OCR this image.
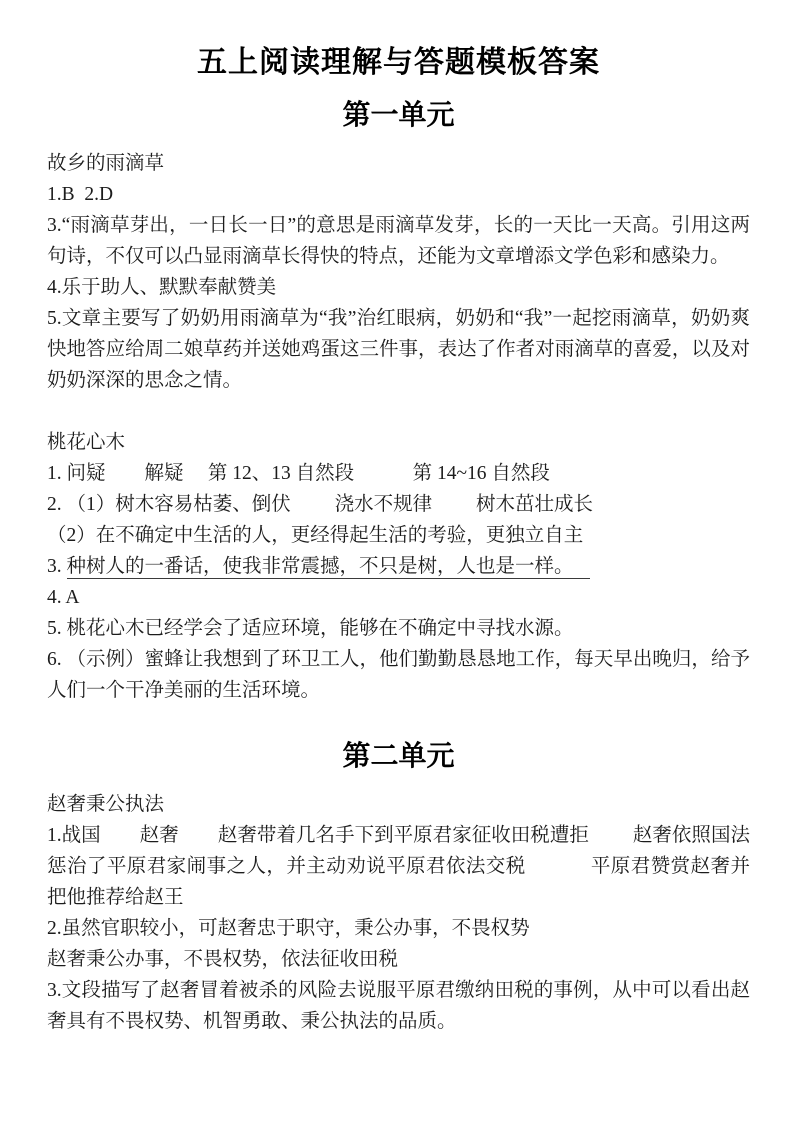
五上阅读理解与答题模板答案
第一单元

故乡的雨滴草

1.B  2.D

3.“雨滴草芽出，一日长一日”的意思是雨滴草发芽，长的一天比一天高。引用这两句诗，不仅可以凸显雨滴草长得快的特点，还能为文章增添文学色彩和感染力。

4.乐于助人、默默奉献赞美

5.文章主要写了奶奶用雨滴草为“我”治红眼病，奶奶和“我”一起挖雨滴草，奶奶爽快地答应给周二娘草药并送她鸡蛋这三件事，表达了作者对雨滴草的喜爱，以及对奶奶深深的思念之情。

桃花心木

1. 问疑　　解疑　 第 12、13 自然段　　　第 14~16 自然段

2. （1）树木容易枯萎、倒伏　　 浇水不规律　　 树木茁壮成长

（2）在不确定中生活的人，更经得起生活的考验，更独立自主

3. 种树人的一番话，使我非常震撼，不只是树，人也是一样。

4. A

5. 桃花心木已经学会了适应环境，能够在不确定中寻找水源。

6. （示例）蜜蜂让我想到了环卫工人，他们勤勤恳恳地工作，每天早出晚归，给予人们一个干净美丽的生活环境。

第二单元

赵奢秉公执法

1.战国　　赵奢　　赵奢带着几名手下到平原君家征收田税遭拒　　 赵奢依照国法惩治了平原君家闹事之人，并主动劝说平原君依法交税　　　 平原君赞赏赵奢并把他推荐给赵王

2.虽然官职较小，可赵奢忠于职守，秉公办事，不畏权势

赵奢秉公办事，不畏权势，依法征收田税

3.文段描写了赵奢冒着被杀的风险去说服平原君缴纳田税的事例，从中可以看出赵奢具有不畏权势、机智勇敢、秉公执法的品质。
